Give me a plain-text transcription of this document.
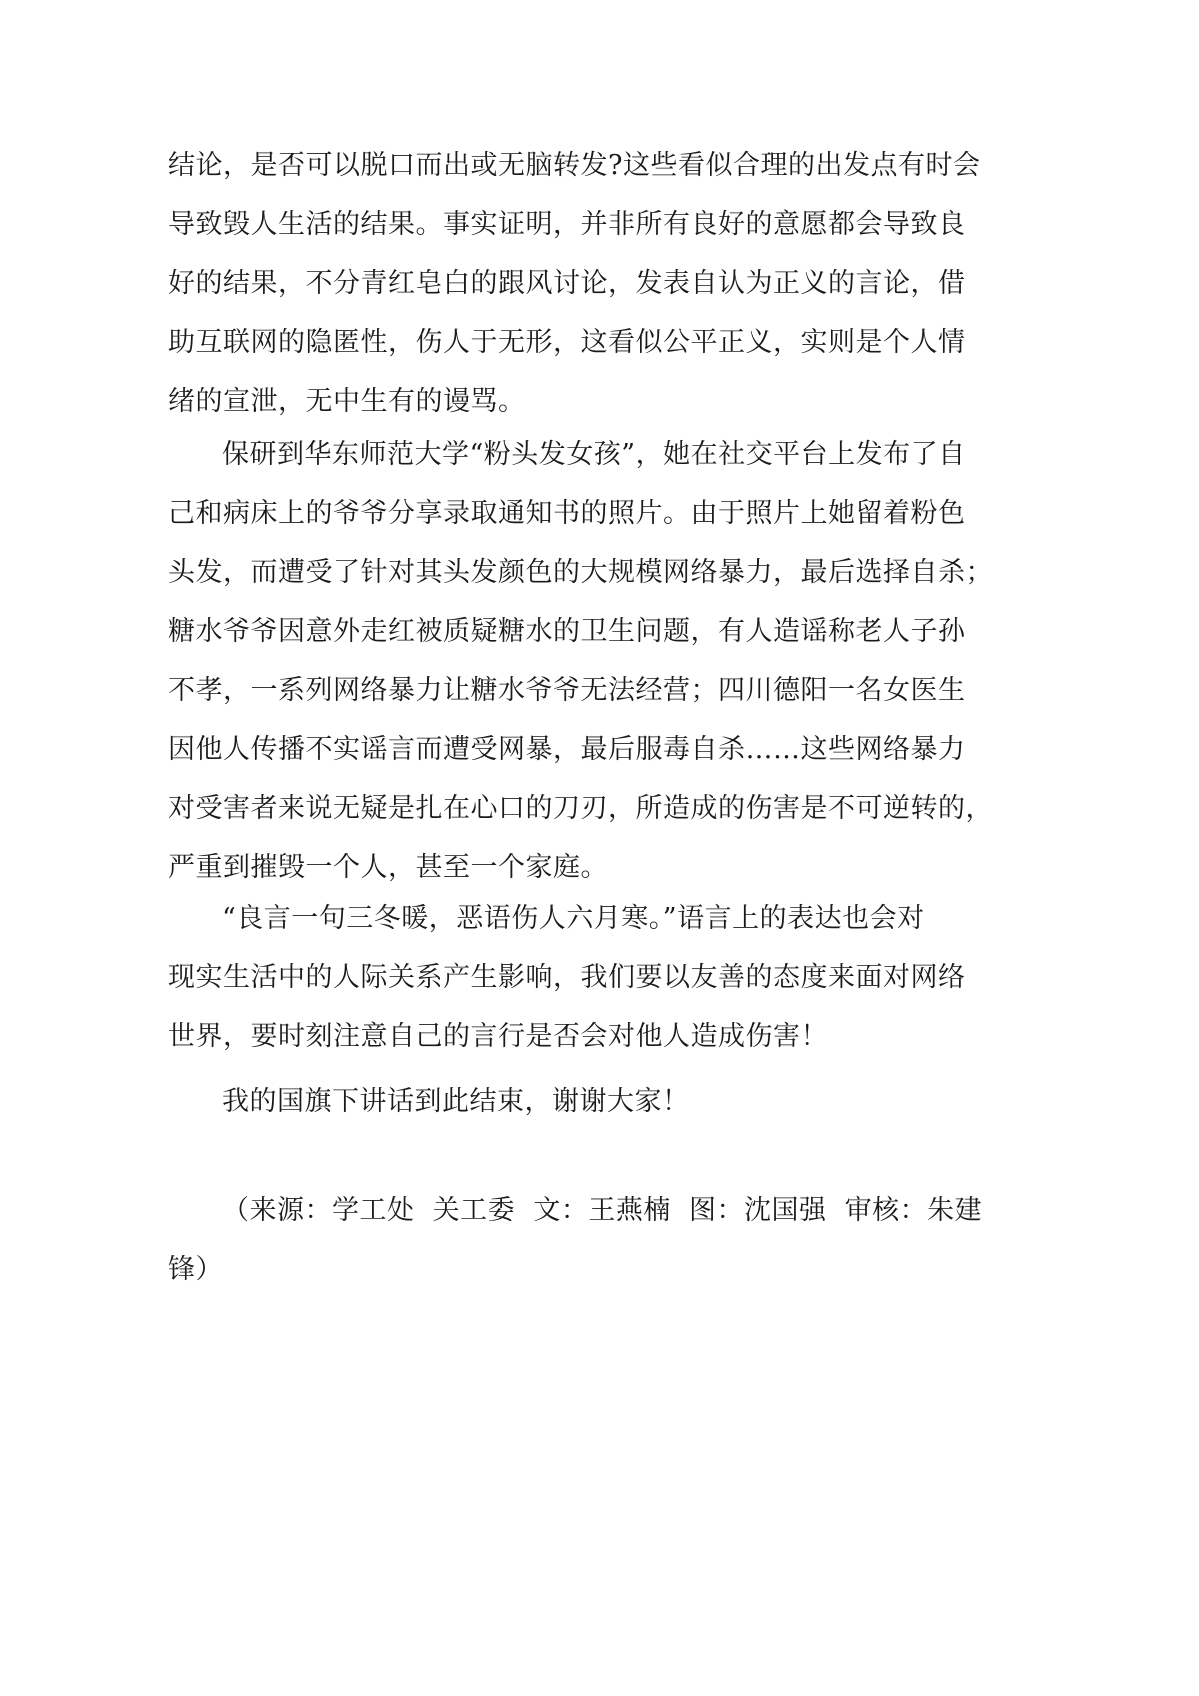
结论，是否可以脱口而出或无脑转发?这些看似合理的出发点有时会
导致毁人生活的结果。事实证明，并非所有良好的意愿都会导致良
好的结果，不分青红皂白的跟风讨论，发表自认为正义的言论，借
助互联网的隐匿性，伤人于无形，这看似公平正义，实则是个人情
绪的宣泄，无中生有的谩骂。
保研到华东师范大学“粉头发女孩”，她在社交平台上发布了自
己和病床上的爷爷分享录取通知书的照片。由于照片上她留着粉色
头发，而遭受了针对其头发颜色的大规模网络暴力，最后选择自杀；
糖水爷爷因意外走红被质疑糖水的卫生问题，有人造谣称老人子孙
不孝，一系列网络暴力让糖水爷爷无法经营；四川德阳一名女医生
因他人传播不实谣言而遭受网暴，最后服毒自杀……这些网络暴力
对受害者来说无疑是扎在心口的刀刃，所造成的伤害是不可逆转的，
严重到摧毁一个人，甚至一个家庭。
“良言一句三冬暖，恶语伤人六月寒。”语言上的表达也会对
现实生活中的人际关系产生影响，我们要以友善的态度来面对网络
世界，要时刻注意自己的言行是否会对他人造成伤害！
我的国旗下讲话到此结束，谢谢大家！
（来源：学工处  关工委  文：王燕楠  图：沈国强  审核：朱建
锋）
